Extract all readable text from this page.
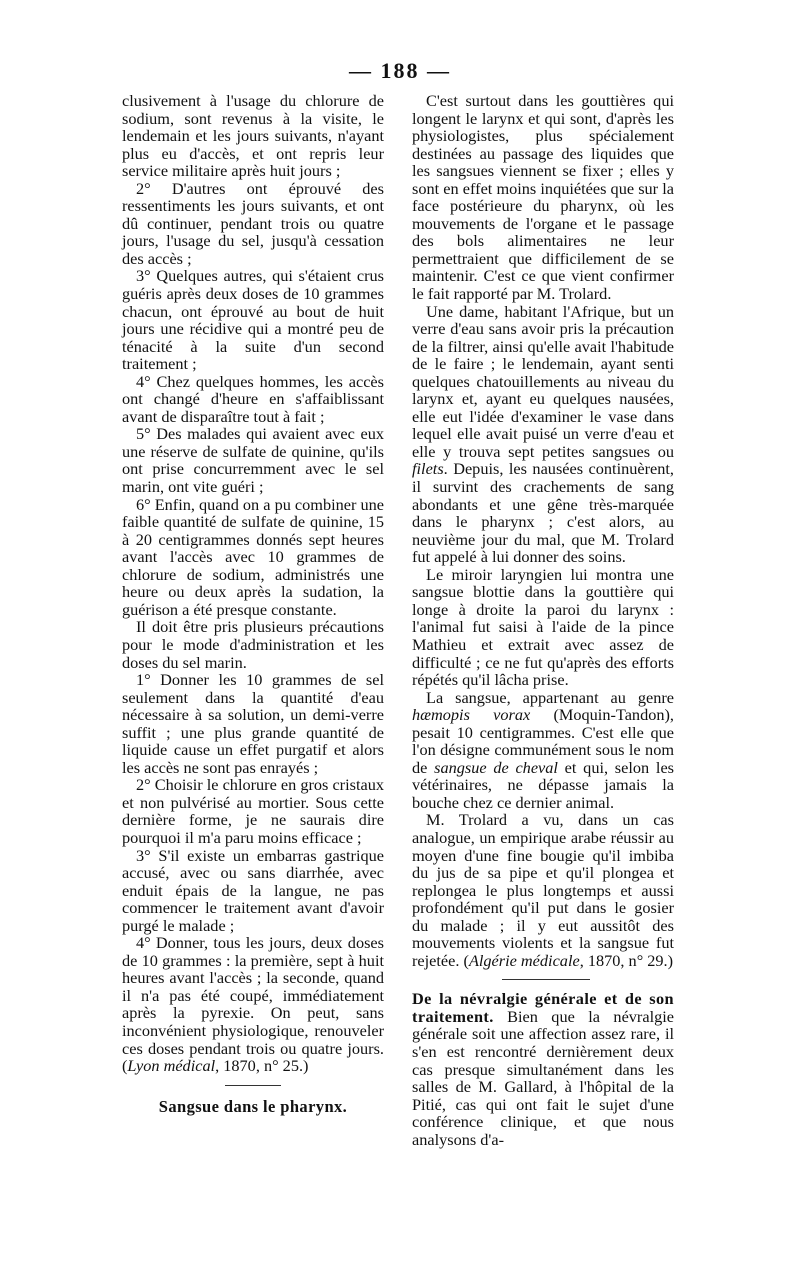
— 188 —

clusivement à l'usage du chlorure de sodium, sont revenus à la visite, le lendemain et les jours suivants, n'ayant plus eu d'accès, et ont repris leur service militaire après huit jours ;

2° D'autres ont éprouvé des ressentiments les jours suivants, et ont dû continuer, pendant trois ou quatre jours, l'usage du sel, jusqu'à cessation des accès ;

3° Quelques autres, qui s'étaient crus guéris après deux doses de 10 grammes chacun, ont éprouvé au bout de huit jours une récidive qui a montré peu de ténacité à la suite d'un second traitement ;

4° Chez quelques hommes, les accès ont changé d'heure en s'affaiblissant avant de disparaître tout à fait ;

5° Des malades qui avaient avec eux une réserve de sulfate de quinine, qu'ils ont prise concurremment avec le sel marin, ont vite guéri ;

6° Enfin, quand on a pu combiner une faible quantité de sulfate de quinine, 15 à 20 centigrammes donnés sept heures avant l'accès avec 10 grammes de chlorure de sodium, administrés une heure ou deux après la sudation, la guérison a été presque constante.

Il doit être pris plusieurs précautions pour le mode d'administration et les doses du sel marin.

1° Donner les 10 grammes de sel seulement dans la quantité d'eau nécessaire à sa solution, un demi-verre suffit ; une plus grande quantité de liquide cause un effet purgatif et alors les accès ne sont pas enrayés ;

2° Choisir le chlorure en gros cristaux et non pulvérisé au mortier. Sous cette dernière forme, je ne saurais dire pourquoi il m'a paru moins efficace ;

3° S'il existe un embarras gastrique accusé, avec ou sans diarrhée, avec enduit épais de la langue, ne pas commencer le traitement avant d'avoir purgé le malade ;

4° Donner, tous les jours, deux doses de 10 grammes : la première, sept à huit heures avant l'accès ; la seconde, quand il n'a pas été coupé, immédiatement après la pyrexie. On peut, sans inconvénient physiologique, renouveler ces doses pendant trois ou quatre jours. (Lyon médical, 1870, n° 25.)

Sangsue dans le pharynx.

C'est surtout dans les gouttières qui longent le larynx et qui sont, d'après les physiologistes, plus spécialement destinées au passage des liquides que les sangsues viennent se fixer ; elles y sont en effet moins inquiétées que sur la face postérieure du pharynx, où les mouvements de l'organe et le passage des bols alimentaires ne leur permettraient que difficilement de se maintenir. C'est ce que vient confirmer le fait rapporté par M. Trolard.

Une dame, habitant l'Afrique, but un verre d'eau sans avoir pris la précaution de la filtrer, ainsi qu'elle avait l'habitude de le faire ; le lendemain, ayant senti quelques chatouillements au niveau du larynx et, ayant eu quelques nausées, elle eut l'idée d'examiner le vase dans lequel elle avait puisé un verre d'eau et elle y trouva sept petites sangsues ou filets. Depuis, les nausées continuèrent, il survint des crachements de sang abondants et une gêne très-marquée dans le pharynx ; c'est alors, au neuvième jour du mal, que M. Trolard fut appelé à lui donner des soins.

Le miroir laryngien lui montra une sangsue blottie dans la gouttière qui longe à droite la paroi du larynx : l'animal fut saisi à l'aide de la pince Mathieu et extrait avec assez de difficulté ; ce ne fut qu'après des efforts répétés qu'il lâcha prise.

La sangsue, appartenant au genre hæmopis vorax (Moquin-Tandon), pesait 10 centigrammes. C'est elle que l'on désigne communément sous le nom de sangsue de cheval et qui, selon les vétérinaires, ne dépasse jamais la bouche chez ce dernier animal.

M. Trolard a vu, dans un cas analogue, un empirique arabe réussir au moyen d'une fine bougie qu'il imbiba du jus de sa pipe et qu'il plongea et replongea le plus longtemps et aussi profondément qu'il put dans le gosier du malade ; il y eut aussitôt des mouvements violents et la sangsue fut rejetée. (Algérie médicale, 1870, n° 29.)

De la névralgie générale et de son traitement. Bien que la névralgie générale soit une affection assez rare, il s'en est rencontré dernièrement deux cas presque simultanément dans les salles de M. Gallard, à l'hôpital de la Pitié, cas qui ont fait le sujet d'une conférence clinique, et que nous analysons d'a-
